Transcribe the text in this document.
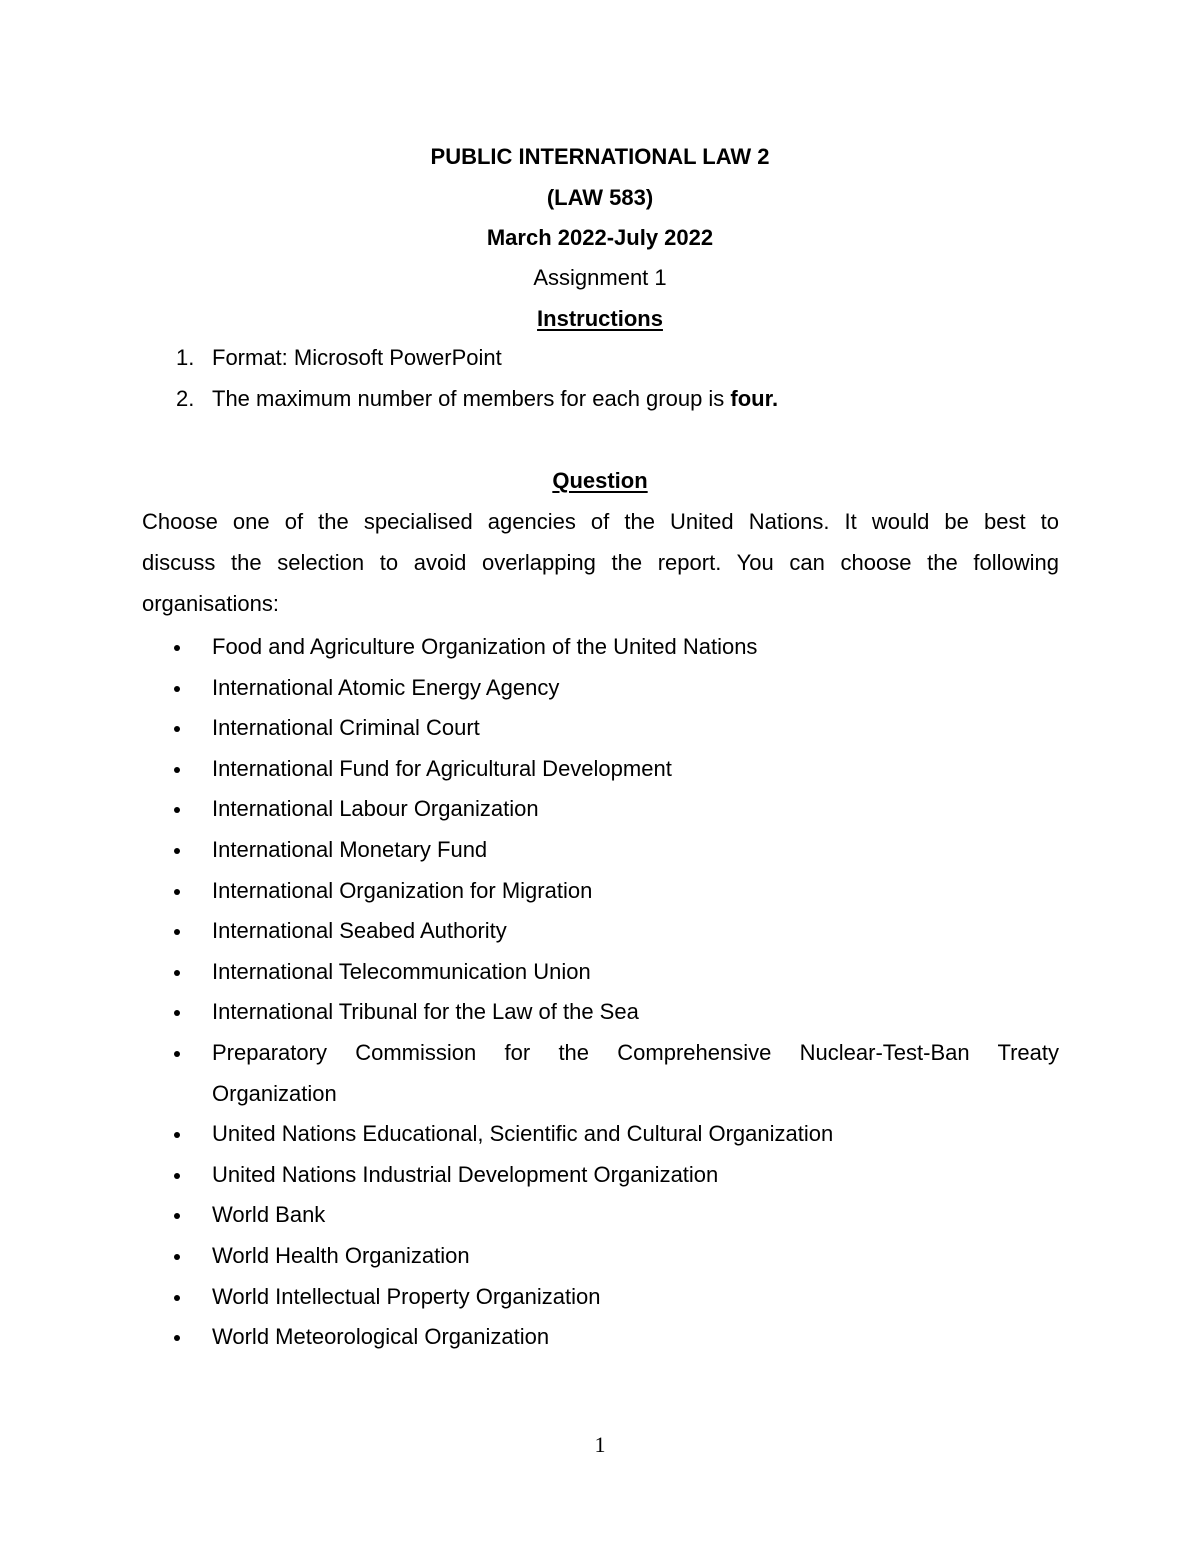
PUBLIC INTERNATIONAL LAW 2
(LAW 583)
March 2022-July 2022
Assignment 1
Instructions
1. Format: Microsoft PowerPoint
2. The maximum number of members for each group is four.
Question
Choose one of the specialised agencies of the United Nations. It would be best to
discuss the selection to avoid overlapping the report. You can choose the following
organisations:
Food and Agriculture Organization of the United Nations
International Atomic Energy Agency
International Criminal Court
International Fund for Agricultural Development
International Labour Organization
International Monetary Fund
International Organization for Migration
International Seabed Authority
International Telecommunication Union
International Tribunal for the Law of the Sea
Preparatory Commission for the Comprehensive Nuclear-Test-Ban Treaty
Organization
United Nations Educational, Scientific and Cultural Organization
United Nations Industrial Development Organization
World Bank
World Health Organization
World Intellectual Property Organization
World Meteorological Organization
1
